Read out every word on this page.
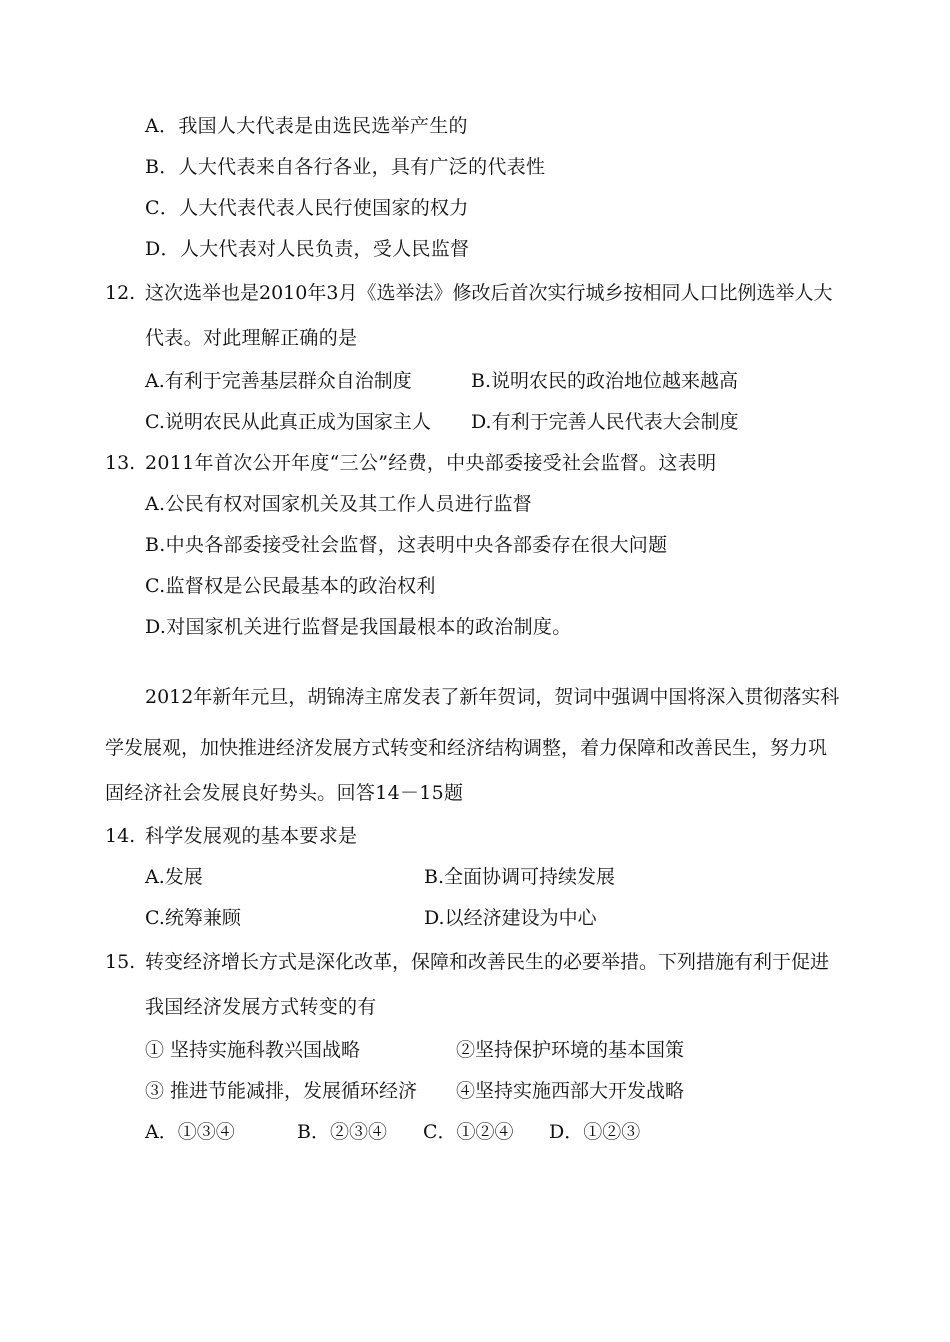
A．我国人大代表是由选民选举产生的
B．人大代表来自各行各业，具有广泛的代表性
C．人大代表代表人民行使国家的权力
D．人大代表对人民负责，受人民监督
12. 这次选举也是2010年3月《选举法》修改后首次实行城乡按相同人口比例选举人大
代表。对此理解正确的是
A.有利于完善基层群众自治制度	B.说明农民的政治地位越来越高
C.说明农民从此真正成为国家主人 D.有利于完善人民代表大会制度
13. 2011年首次公开年度“三公”经费，中央部委接受社会监督。这表明
A.公民有权对国家机关及其工作人员进行监督
B.中央各部委接受社会监督，这表明中央各部委存在很大问题
C.监督权是公民最基本的政治权利
D.对国家机关进行监督是我国最根本的政治制度。
2012年新年元旦，胡锦涛主席发表了新年贺词，贺词中强调中国将深入贯彻落实科
学发展观，加快推进经济发展方式转变和经济结构调整，着力保障和改善民生，努力巩
固经济社会发展良好势头。回答14－15题
14. 科学发展观的基本要求是
A.发展	B.全面协调可持续发展
C.统筹兼顾	D.以经济建设为中心
15. 转变经济增长方式是深化改革，保障和改善民生的必要举措。下列措施有利于促进
我国经济发展方式转变的有
① 坚持实施科教兴国战略	②坚持保护环境的基本国策
③ 推进节能减排，发展循环经济 ④坚持实施西部大开发战略
A．①③④	B．②③④ C．①②④ D．①②③
